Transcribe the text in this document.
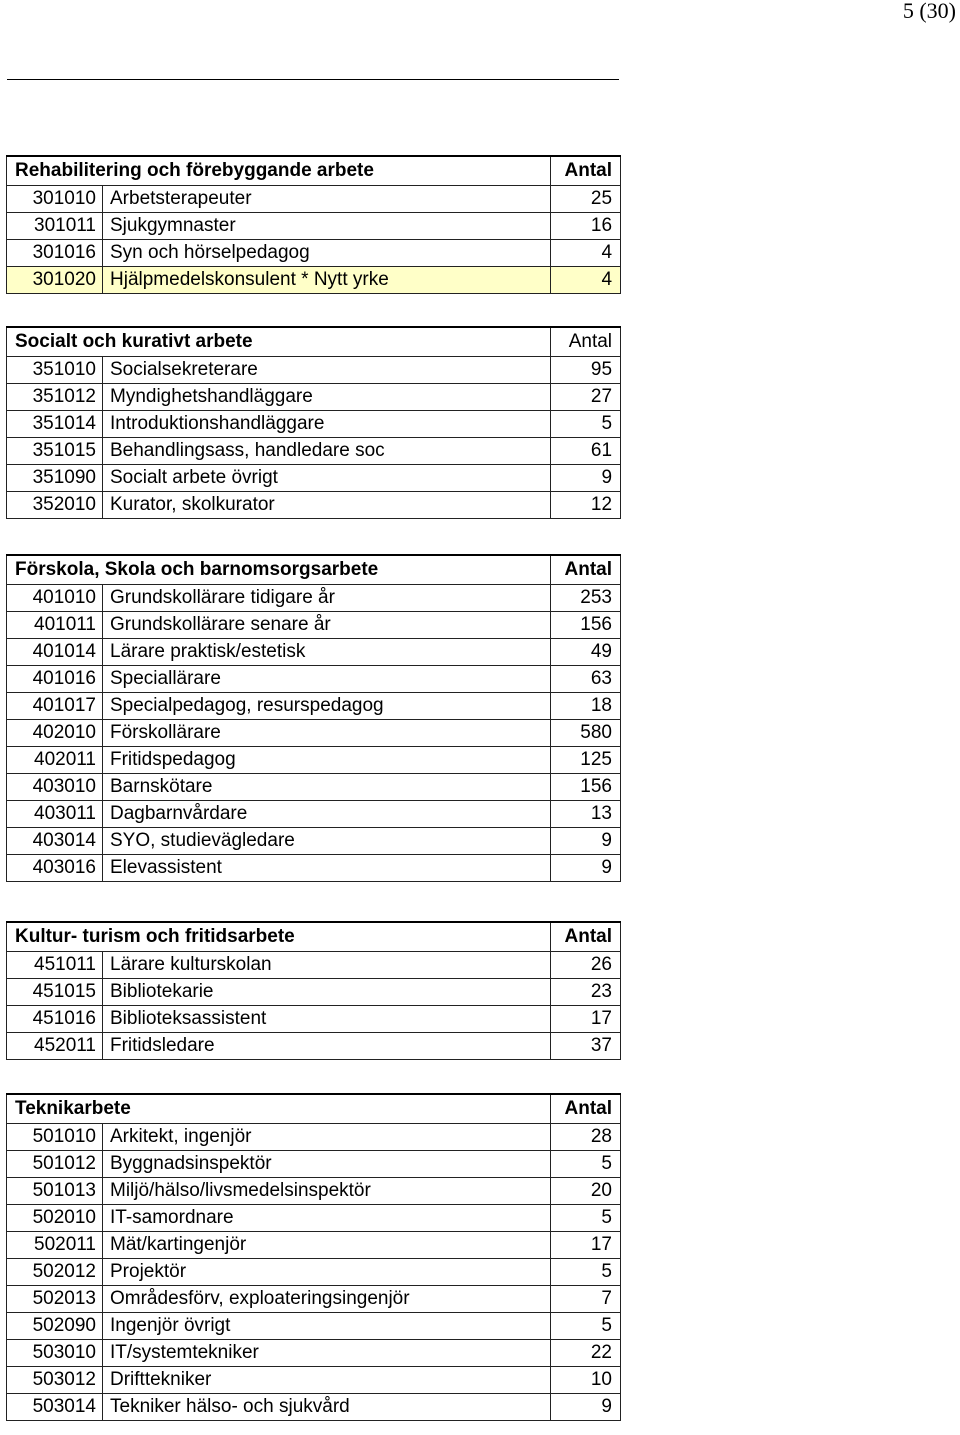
5 (30)
Rehabilitering och förebyggande arbete		Antal
301010	Arbetsterapeuter	25
301011	Sjukgymnaster	16
301016	Syn och hörselpedagog	4
301020	Hjälpmedelskonsulent * Nytt yrke	4
Socialt och kurativt arbete		Antal
351010	Socialsekreterare	95
351012	Myndighetshandläggare	27
351014	Introduktionshandläggare	5
351015	Behandlingsass, handledare soc	61
351090	Socialt arbete övrigt	9
352010	Kurator, skolkurator	12
Förskola, Skola och barnomsorgsarbete		Antal
401010	Grundskollärare tidigare år	253
401011	Grundskollärare senare år	156
401014	Lärare praktisk/estetisk	49
401016	Speciallärare	63
401017	Specialpedagog, resurspedagog	18
402010	Förskollärare	580
402011	Fritidspedagog	125
403010	Barnskötare	156
403011	Dagbarnvårdare	13
403014	SYO, studievägledare	9
403016	Elevassistent	9
Kultur- turism och fritidsarbete		Antal
451011	Lärare kulturskolan	26
451015	Bibliotekarie	23
451016	Biblioteksassistent	17
452011	Fritidsledare	37
Teknikarbete		Antal
501010	Arkitekt, ingenjör	28
501012	Byggnadsinspektör	5
501013	Miljö/hälso/livsmedelsinspektör	20
502010	IT-samordnare	5
502011	Mät/kartingenjör	17
502012	Projektör	5
502013	Områdesförv, exploateringsingenjör	7
502090	Ingenjör övrigt	5
503010	IT/systemtekniker	22
503012	Drifttekniker	10
503014	Tekniker hälso- och sjukvård	9
